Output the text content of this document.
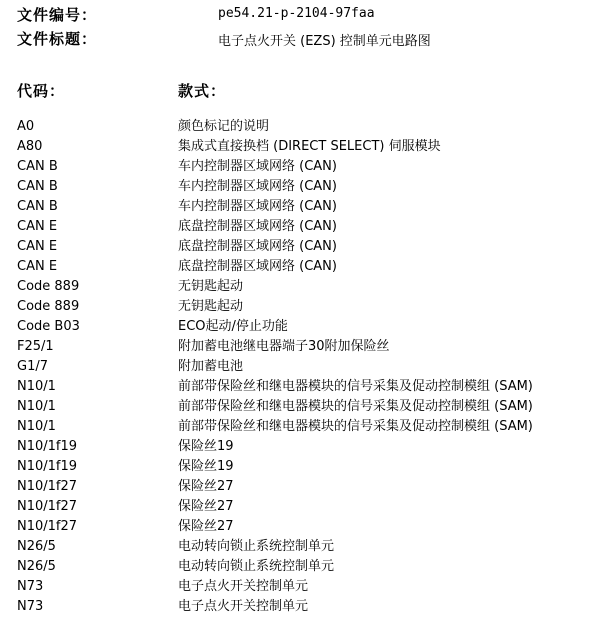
文件编号：	pe54.21-p-2104-97faa
文件标题：	电子点火开关 (EZS) 控制单元电路图
代码：	款式：
A0	颜色标记的说明
A80	集成式直接换档 (DIRECT SELECT) 伺服模块
CAN B	车内控制器区域网络 (CAN)
CAN B	车内控制器区域网络 (CAN)
CAN B	车内控制器区域网络 (CAN)
CAN E	底盘控制器区域网络 (CAN)
CAN E	底盘控制器区域网络 (CAN)
CAN E	底盘控制器区域网络 (CAN)
Code 889	无钥匙起动
Code 889	无钥匙起动
Code B03	ECO起动/停止功能
F25/1	附加蓄电池继电器端子30附加保险丝
G1/7	附加蓄电池
N10/1	前部带保险丝和继电器模块的信号采集及促动控制模组 (SAM)
N10/1	前部带保险丝和继电器模块的信号采集及促动控制模组 (SAM)
N10/1	前部带保险丝和继电器模块的信号采集及促动控制模组 (SAM)
N10/1f19	保险丝19
N10/1f19	保险丝19
N10/1f27	保险丝27
N10/1f27	保险丝27
N10/1f27	保险丝27
N26/5	电动转向锁止系统控制单元
N26/5	电动转向锁止系统控制单元
N73	电子点火开关控制单元
N73	电子点火开关控制单元
